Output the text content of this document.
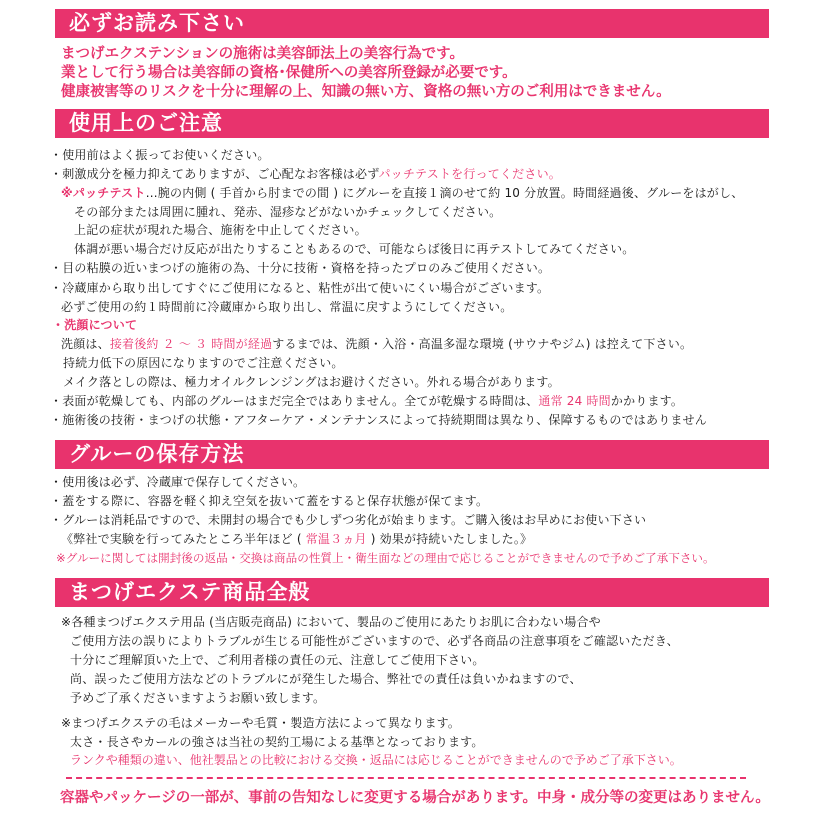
必ずお読み下さい
まつげエクステンションの施術は美容師法上の美容行為です。
業として行う場合は美容師の資格･保健所への美容所登録が必要です。
健康被害等のリスクを十分に理解の上、知識の無い方、資格の無い方のご利用はできません。
使用上のご注意
・使用前はよく振ってお使いください。
・刺激成分を極力抑えてありますが、ご心配なお客様は必ずパッチテストを行ってください。
※パッチテスト…腕の内側 ( 手首から肘までの間 ) にグルーを直接１滴のせて約 10 分放置。時間経過後、グルーをはがし、
その部分または周囲に腫れ、発赤、湿疹などがないかチェックしてください。
上記の症状が現れた場合、施術を中止してください。
体調が悪い場合だけ反応が出たりすることもあるので、可能ならば後日に再テストしてみてください。
・目の粘膜の近いまつげの施術の為、十分に技術・資格を持ったプロのみご使用ください。
・冷蔵庫から取り出してすぐにご使用になると、粘性が出て使いにくい場合がございます。
必ずご使用の約１時間前に冷蔵庫から取り出し、常温に戻すようにしてください。
・洗顔について
洗顔は、接着後約 ２ ～ ３ 時間が経過するまでは、洗顔・入浴・高温多湿な環境 (サウナやジム) は控えて下さい。
持続力低下の原因になりますのでご注意ください。
メイク落としの際は、極力オイルクレンジングはお避けください。外れる場合があります。
・表面が乾燥しても、内部のグルーはまだ完全ではありません。全てが乾燥する時間は、通常 24 時間かかります。
・施術後の技術・まつげの状態・アフターケア・メンテナンスによって持続期間は異なり、保障するものではありません
グルーの保存方法
・使用後は必ず、冷蔵庫で保存してください。
・蓋をする際に、容器を軽く抑え空気を抜いて蓋をすると保存状態が保てます。
・グルーは消耗品ですので、未開封の場合でも少しずつ劣化が始まります。ご購入後はお早めにお使い下さい
《弊社で実験を行ってみたところ半年ほど ( 常温３ヵ月 ) 効果が持続いたしました。》
※グルーに関しては開封後の返品・交換は商品の性質上・衛生面などの理由で応じることができませんので予めご了承下さい。
まつげエクステ商品全般
※各種まつげエクステ用品 (当店販売商品) において、製品のご使用にあたりお肌に合わない場合や
ご使用方法の誤りによりトラブルが生じる可能性がございますので、必ず各商品の注意事項をご確認いただき、
十分にご理解頂いた上で、ご利用者様の責任の元、注意してご使用下さい。
尚、誤ったご使用方法などのトラブルにが発生した場合、弊社での責任は負いかねますので、
予めご了承くださいますようお願い致します。
※まつげエクステの毛はメーカーや毛質・製造方法によって異なります。
太さ・長さやカールの強さは当社の契約工場による基準となっております。
ランクや種類の違い、他社製品との比較における交換・返品には応じることができませんので予めご了承下さい。
容器やパッケージの一部が、事前の告知なしに変更する場合があります。中身・成分等の変更はありません。
